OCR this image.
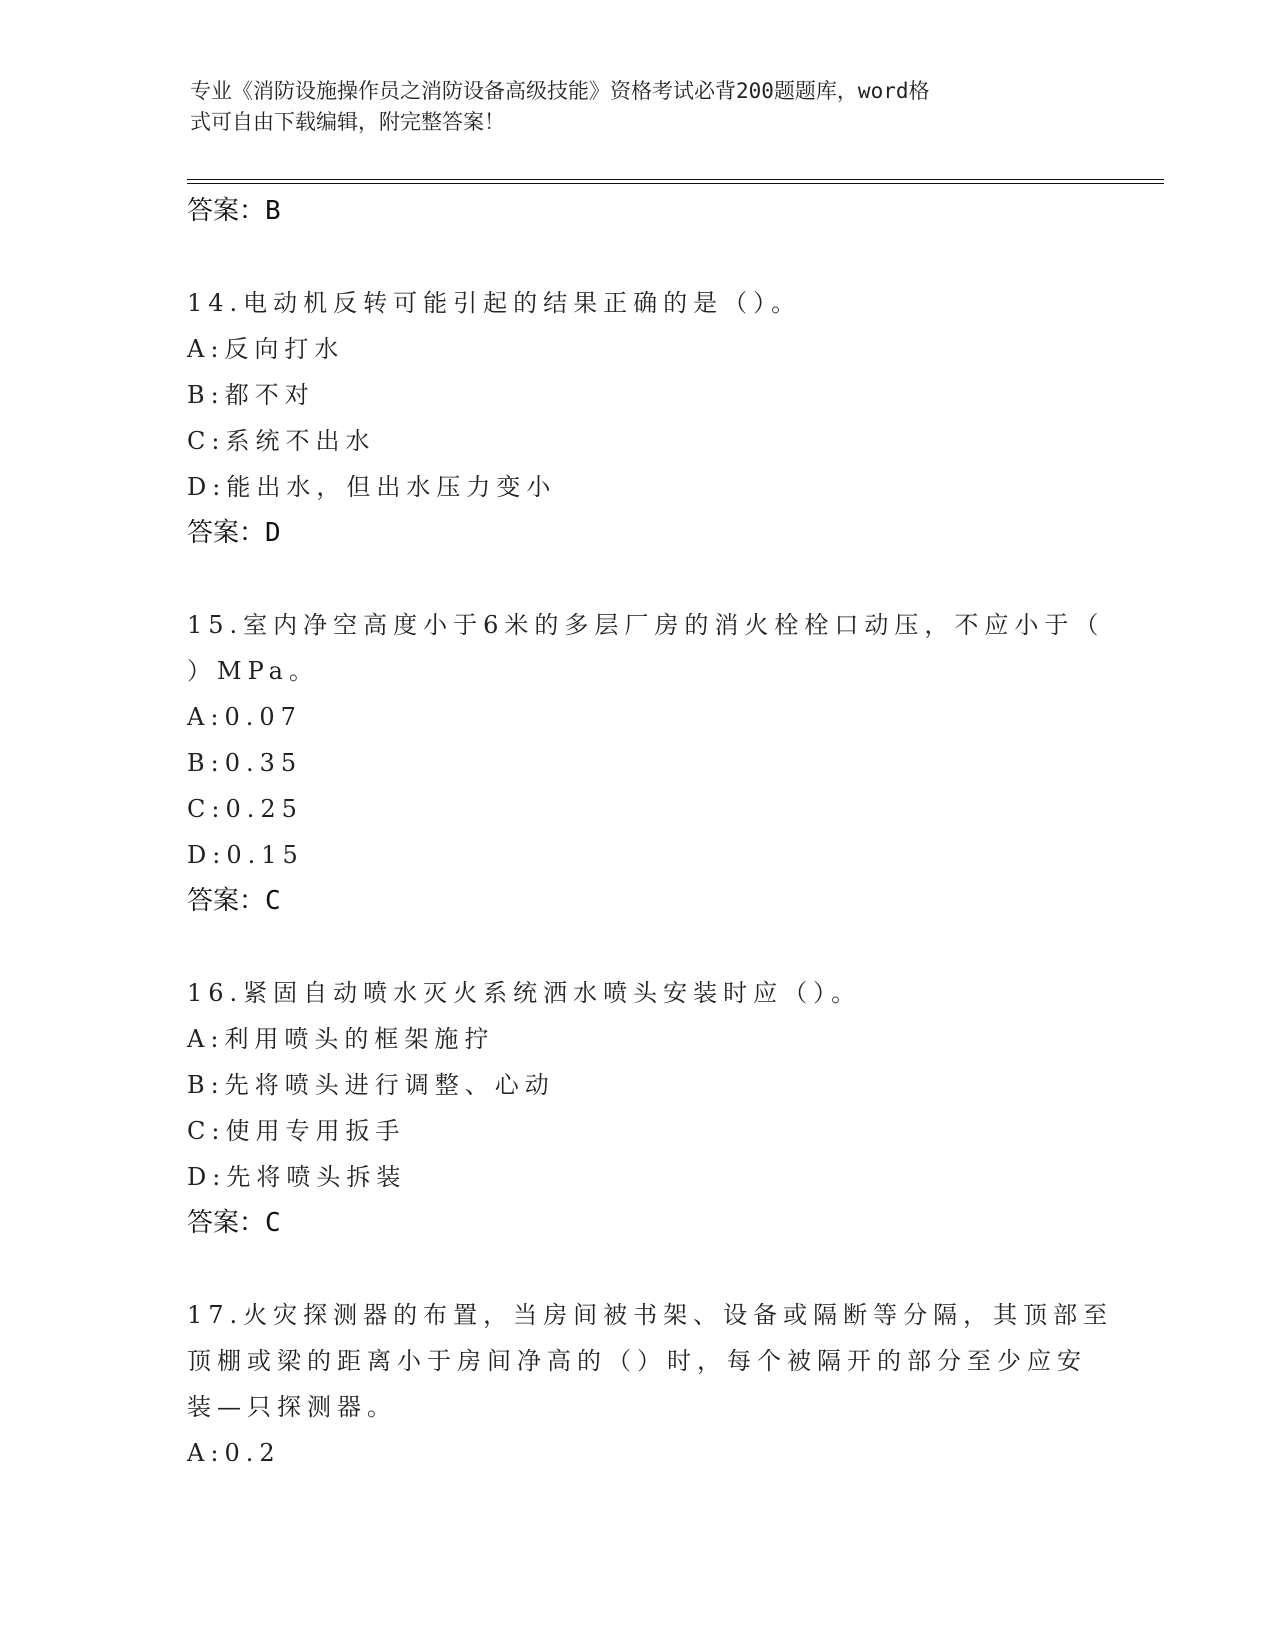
专业《消防设施操作员之消防设备高级技能》资格考试必背200题题库，word格
式可自由下载编辑，附完整答案！
答案：B
14.电动机反转可能引起的结果正确的是（）。
A:反向打水
B:都不对
C:系统不出水
D:能出水，但出水压力变小
答案：D
15.室内净空高度小于6米的多层厂房的消火栓栓口动压，不应小于（
）MPa。
A:0.07
B:0.35
C:0.25
D:0.15
答案：C
16.紧固自动喷水灭火系统洒水喷头安装时应（）。
A:利用喷头的框架施拧
B:先将喷头进行调整、心动
C:使用专用扳手
D:先将喷头拆装
答案：C
17.火灾探测器的布置，当房间被书架、设备或隔断等分隔，其顶部至
顶棚或梁的距离小于房间净高的（）时，每个被隔开的部分至少应安
装—只探测器。
A:0.2
